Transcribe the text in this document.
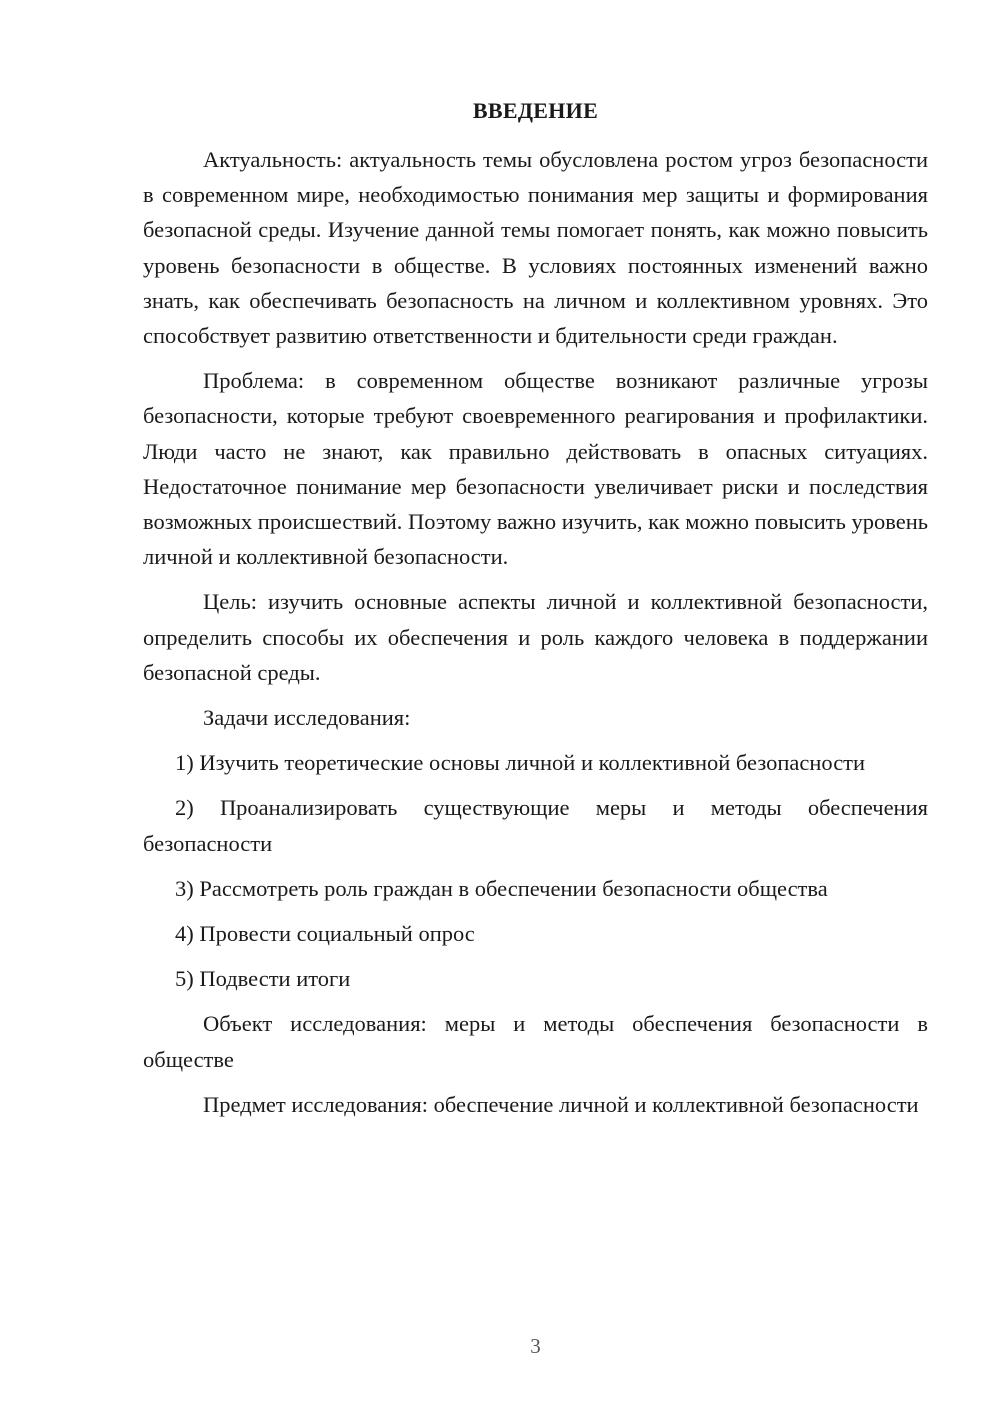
ВВЕДЕНИЕ

Актуальность: актуальность темы обусловлена ростом угроз безопасности в современном мире, необходимостью понимания мер защиты и формирования безопасной среды. Изучение данной темы помогает понять, как можно повысить уровень безопасности в обществе. В условиях постоянных изменений важно знать, как обеспечивать безопасность на личном и коллективном уровнях. Это способствует развитию ответственности и бдительности среди граждан.

Проблема: в современном обществе возникают различные угрозы безопасности, которые требуют своевременного реагирования и профилактики. Люди часто не знают, как правильно действовать в опасных ситуациях. Недостаточное понимание мер безопасности увеличивает риски и последствия возможных происшествий. Поэтому важно изучить, как можно повысить уровень личной и коллективной безопасности.

Цель: изучить основные аспекты личной и коллективной безопасности, определить способы их обеспечения и роль каждого человека в поддержании безопасной среды.

Задачи исследования:

1) Изучить теоретические основы личной и коллективной безопасности

2) Проанализировать существующие меры и методы обеспечения безопасности

3) Рассмотреть роль граждан в обеспечении безопасности общества

4) Провести социальный опрос

5) Подвести итоги

Объект исследования: меры и методы обеспечения безопасности в обществе

Предмет исследования: обеспечение личной и коллективной безопасности

3
